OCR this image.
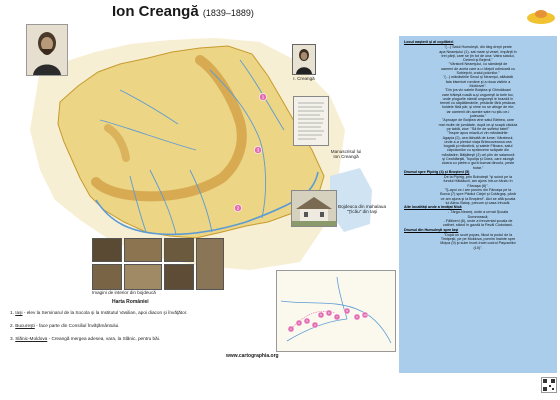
1
2
3
Ion Creangă (1839–1889)
I. Creangă
Manuscrisul lui Ion Creangă
Bojdeuca din mahalaua "Ţicău" din Iaşi
Imagini de interior din bojdeucă
Harta României
1. Iaşi - elev la Seminarul de la Socola şi la Institutul Vasilian, apoi diacon şi învăţător.
2. Bucureşti - face parte din Consiliul Învăţământului.
3. Slănic-Moldova - Creangă mergea adesea, vara, la Slănic, pentru băi.
1
2 3
4
5 6
7
8
9 10
Locul naşterii şi al copilăriei
"(...) Satul Humuleşti, din târg drept peste
apa Neamţului (1), sat mare şi vesel, împărţit în
trei părţi, care se ţin tot de una: Vatra satului,
Delenii şi Bejenii."
"Vârstorii Neamţului, cu sâmânţă de
oameni de acela care a-u hărţuit odinioară cu
Sobieţchi, craiul polonilor."
"(...) mănăstirile Secul şi Neamţul, altădată
fala bisericei române şi a doua vistirie a
Moldovei".
"Din jos vin satele Boiştea şi Ghindăoani
care trăieşă roadă a-şi ungureşti la turle toc,
unde plugurile nămăi ungureşti le brazdă în
temeii cu săpătămânile, prisăcile fără prisăcar,
holdele fără păr, şi nime nu se atinge de ele;
iar oamenii din aceste sate nu ştiu ce-i
judecata."
"Aproape de Boiştea vine satul Blebea, care
mai multe de jumătate, după ce-şi scapă căciula
pe tablă, zice: "Să fie de sufletul tatei!"
"Înspre apus miază-zi vin mănăstirile:
Agapia (2), cea tăinuită de lume; Văratecul,
unde-s-a pierdut viaţa Brâncoveanca cea
bogată şi milostivă, şi satele Filioara, satul
căpcăunilor cu sprâncene scăpate din
mănăstire; Bălţăteşti (3) cel plin de salamură
şi Ceahlăeştii, Topoliţa şi Ocea, care alungă
cioara cu pietre-n gură tocmai dincolo, peste
hotar."
Drumul spre Pipirig (4) şi Broşteni (5)
De la Pipirig, prin Boboieşti "şi suind pe la
fundul Hăldăucii, am ajuns într-un târziu în
Fărcaşa (6)".
"Ş-apoi ce-i am purces din Fărcaşa pe la
Borca (7) spre Pârâul Cârjei şi Cotârgaş, până
ce am ajuns şi la Broşteni". Aici se află şcoala
lui Alecu Baloş, precum şi casa Irinucăi.
Alte localităţi unde a învăţat Nică
- Târgu-Neamţ, unde a urmat Şcoala
Domnească;
- Fălticeni (8), unde a frecventat şcoala de
catihet, stând în gazdă la Pavăl Ciubotarul.
Drumul din Humuleşti spre Iaşi
"După un scurt popas, făcut la podul de la
Timişeşti, pe pe Moldova, pornim înainte spre
Moţca (9) şi suim încet-încet codrul Paşcanilor
(10)".
www.cartographia.org
